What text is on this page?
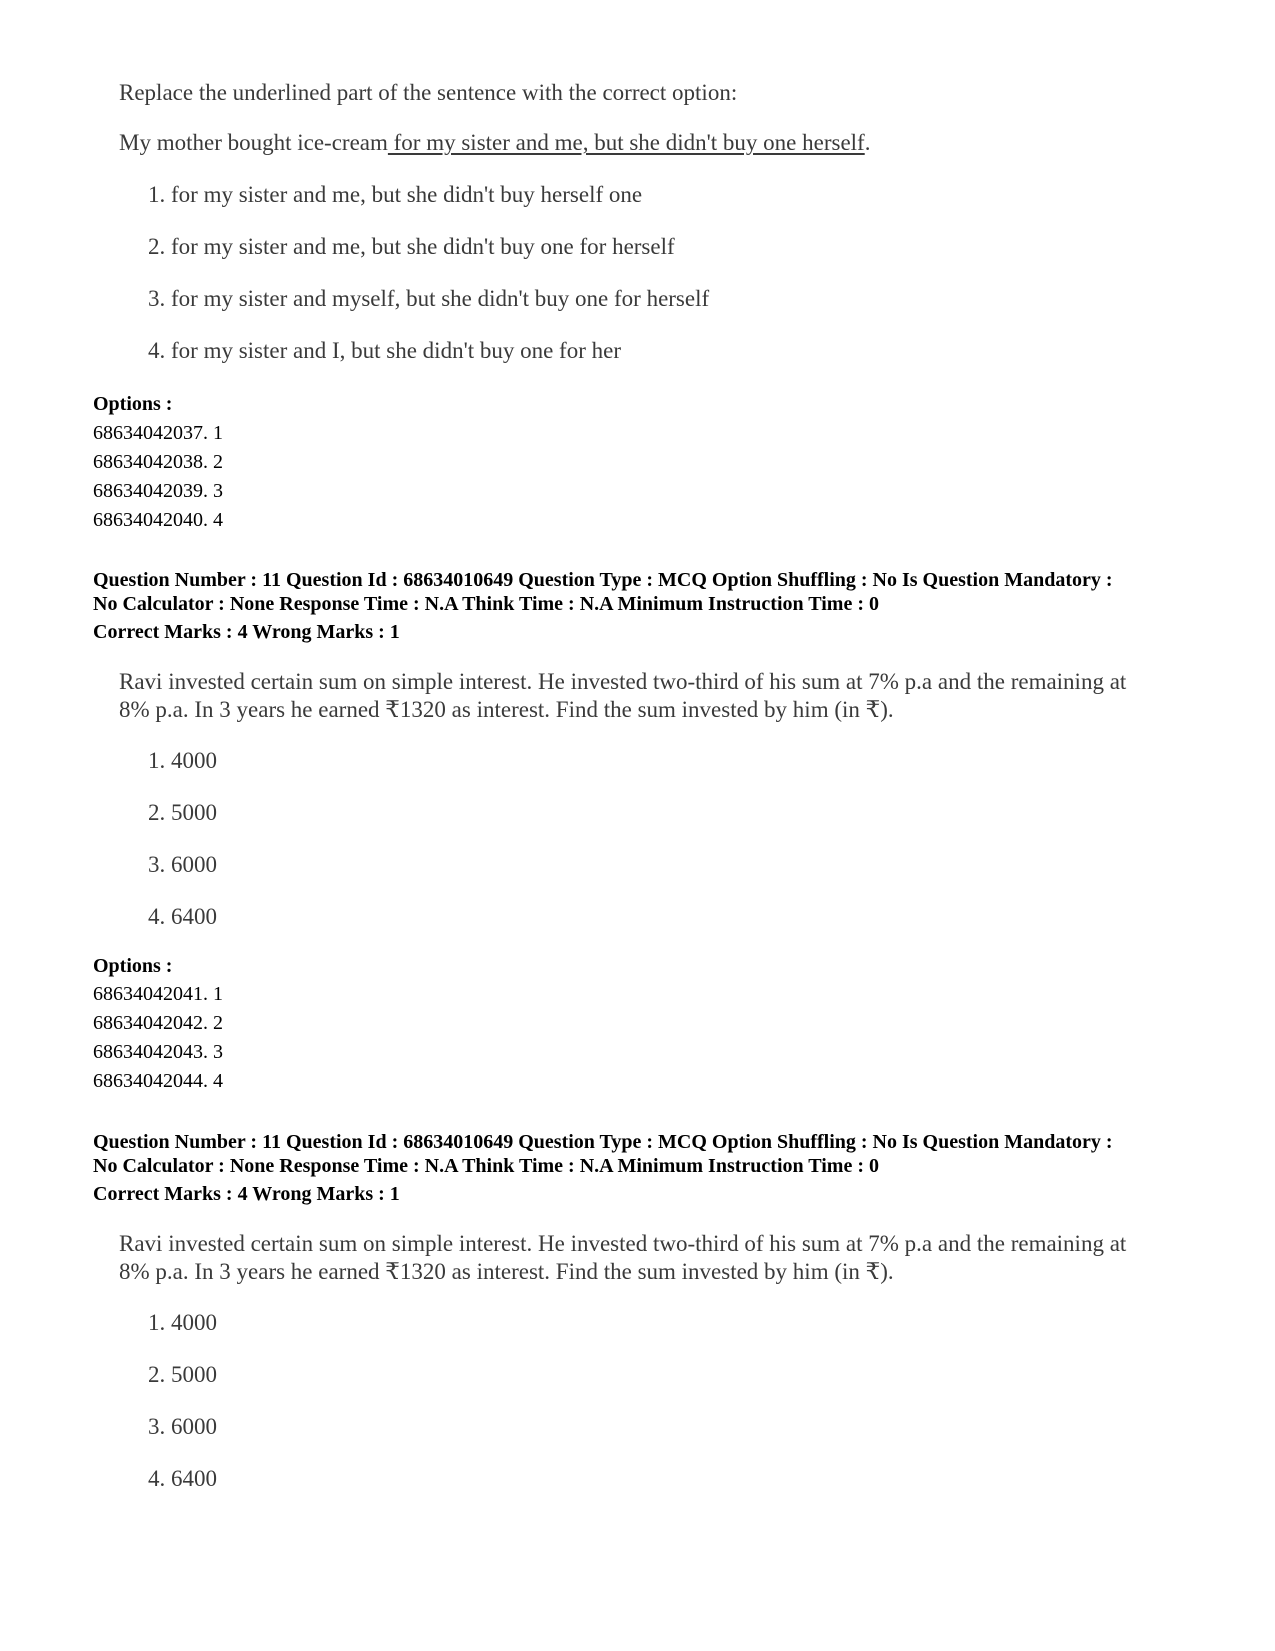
Replace the underlined part of the sentence with the correct option:
My mother bought ice-cream for my sister and me, but she didn't buy one herself.
1. for my sister and me, but she didn't buy herself one
2. for my sister and me, but she didn't buy one for herself
3. for my sister and myself, but she didn't buy one for herself
4. for my sister and I, but she didn't buy one for her
Options :
68634042037. 1
68634042038. 2
68634042039. 3
68634042040. 4
Question Number : 11 Question Id : 68634010649 Question Type : MCQ Option Shuffling : No Is Question Mandatory :
No Calculator : None Response Time : N.A Think Time : N.A Minimum Instruction Time : 0
Correct Marks : 4 Wrong Marks : 1
Ravi invested certain sum on simple interest. He invested two-third of his sum at 7% p.a and the remaining at
8% p.a. In 3 years he earned ₹1320 as interest. Find the sum invested by him (in ₹).
1. 4000
2. 5000
3. 6000
4. 6400
Options :
68634042041. 1
68634042042. 2
68634042043. 3
68634042044. 4
Question Number : 11 Question Id : 68634010649 Question Type : MCQ Option Shuffling : No Is Question Mandatory :
No Calculator : None Response Time : N.A Think Time : N.A Minimum Instruction Time : 0
Correct Marks : 4 Wrong Marks : 1
Ravi invested certain sum on simple interest. He invested two-third of his sum at 7% p.a and the remaining at
8% p.a. In 3 years he earned ₹1320 as interest. Find the sum invested by him (in ₹).
1. 4000
2. 5000
3. 6000
4. 6400
